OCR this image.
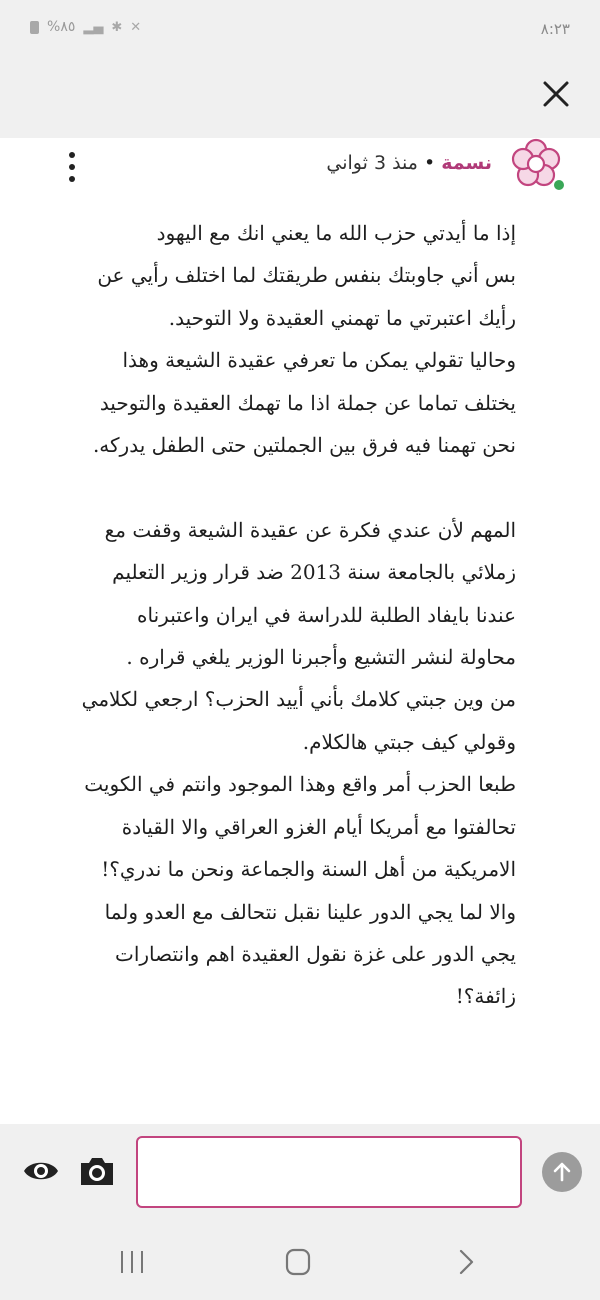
%٨٥ ▂▄ ✱ ✕	٨:٢٣
نسمة • منذ 3 ثواني
إذا ما أيدتي حزب الله ما يعني انك مع اليهود
بس أني جاوبتك بنفس طريقتك لما اختلف رأيي عن رأيك اعتبرتي ما تهمني العقيدة ولا التوحيد.
وحاليا تقولي يمكن ما تعرفي عقيدة الشيعة وهذا يختلف تماما عن جملة اذا ما تهمك العقيدة والتوحيد نحن تهمنا فيه فرق بين الجملتين حتى الطفل يدركه.

المهم لأن عندي فكرة عن عقيدة الشيعة وقفت مع زملائي بالجامعة سنة 2013 ضد قرار وزير التعليم عندنا بايفاد الطلبة للدراسة في ايران واعتبرناه محاولة لنشر التشيع وأجبرنا الوزير يلغي قراره .
من وين جبتي كلامك بأني أييد الحزب؟ ارجعي لكلامي وقولي كيف جبتي هالكلام.
طبعا الحزب أمر واقع وهذا الموجود وانتم في الكويت تحالفتوا مع أمريكا أيام الغزو العراقي والا القيادة الامريكية من أهل السنة والجماعة ونحن ما ندري؟!
والا لما يجي الدور علينا نقبل نتحالف مع العدو ولما يجي الدور على غزة نقول العقيدة اهم وانتصارات زائفة؟!
